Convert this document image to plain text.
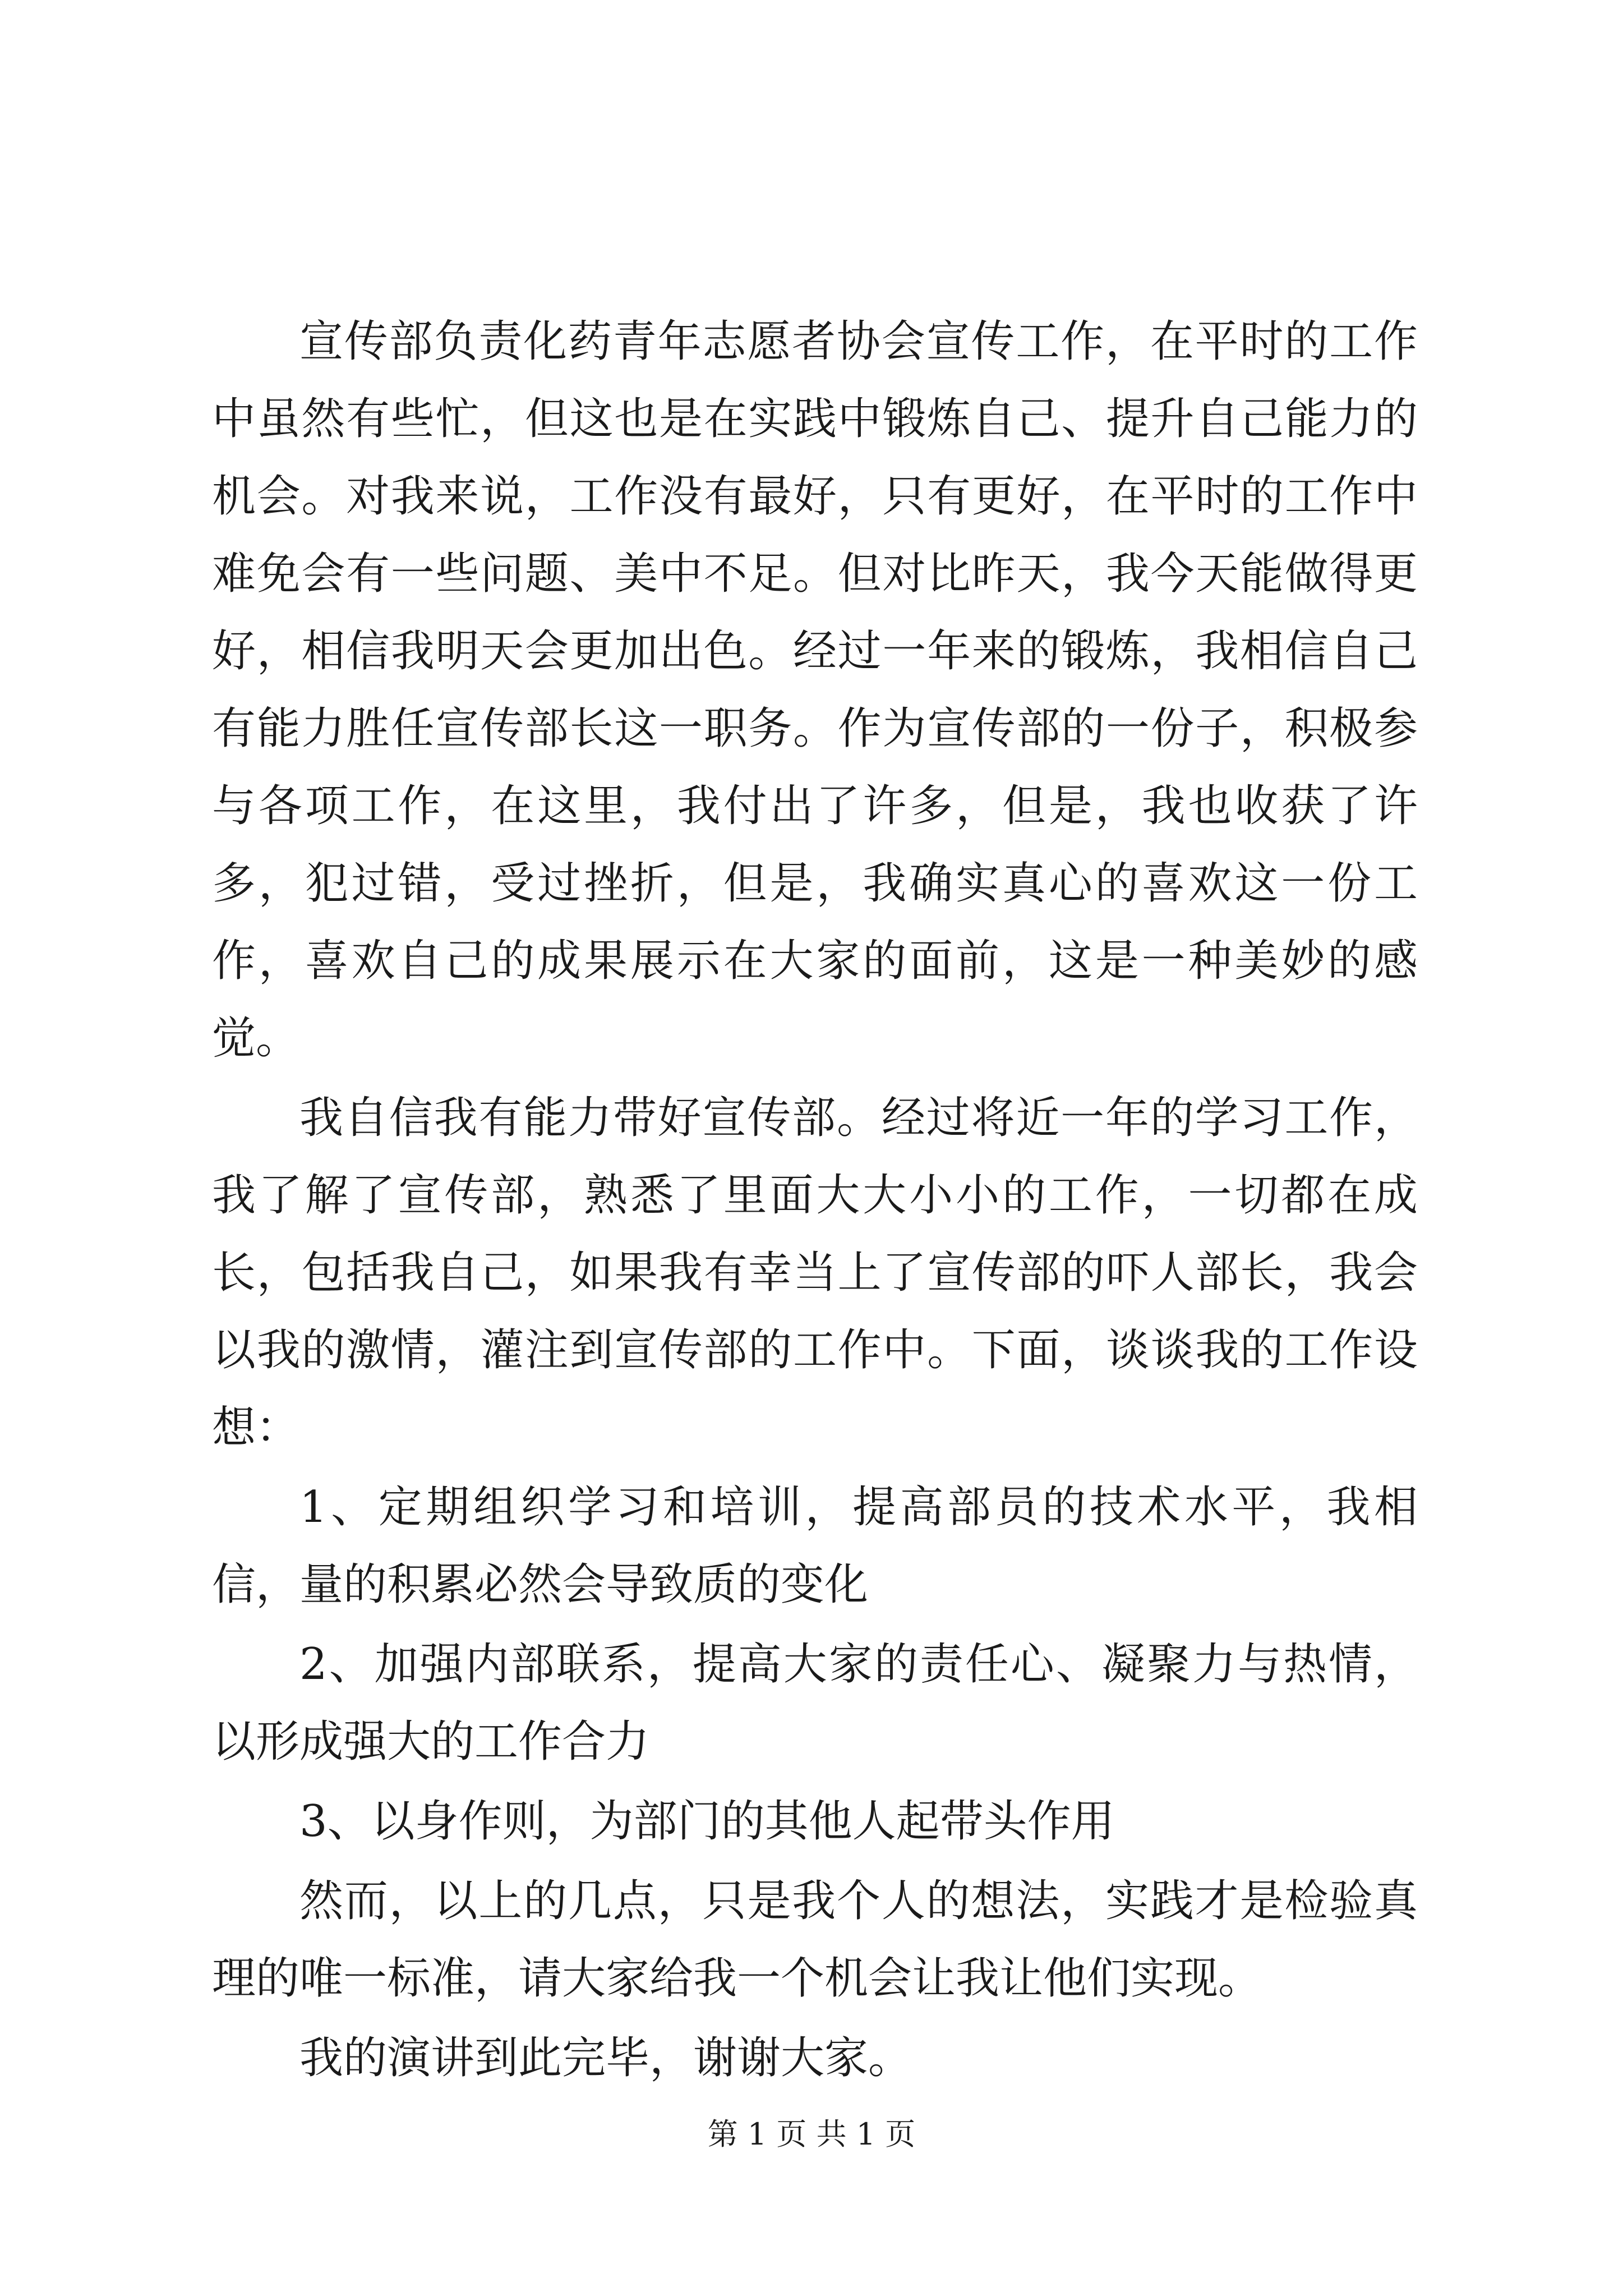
宣传部负责化药青年志愿者协会宣传工作，在平时的工作中虽然有些忙，但这也是在实践中锻炼自己、提升自己能力的机会。对我来说，工作没有最好，只有更好，在平时的工作中难免会有一些问题、美中不足。但对比昨天，我今天能做得更好，相信我明天会更加出色。经过一年来的锻炼，我相信自己有能力胜任宣传部长这一职务。作为宣传部的一份子，积极参与各项工作，在这里，我付出了许多，但是，我也收获了许多，犯过错，受过挫折，但是，我确实真心的喜欢这一份工作，喜欢自己的成果展示在大家的面前，这是一种美妙的感觉。

我自信我有能力带好宣传部。经过将近一年的学习工作，我了解了宣传部，熟悉了里面大大小小的工作，一切都在成长，包括我自己，如果我有幸当上了宣传部的吓人部长，我会以我的激情，灌注到宣传部的工作中。下面，谈谈我的工作设想：

1、定期组织学习和培训，提高部员的技术水平，我相信，量的积累必然会导致质的变化

2、加强内部联系，提高大家的责任心、凝聚力与热情，以形成强大的工作合力

3、以身作则，为部门的其他人起带头作用

然而，以上的几点，只是我个人的想法，实践才是检验真理的唯一标准，请大家给我一个机会让我让他们实现。

我的演讲到此完毕，谢谢大家。

第 1 页 共 1 页
